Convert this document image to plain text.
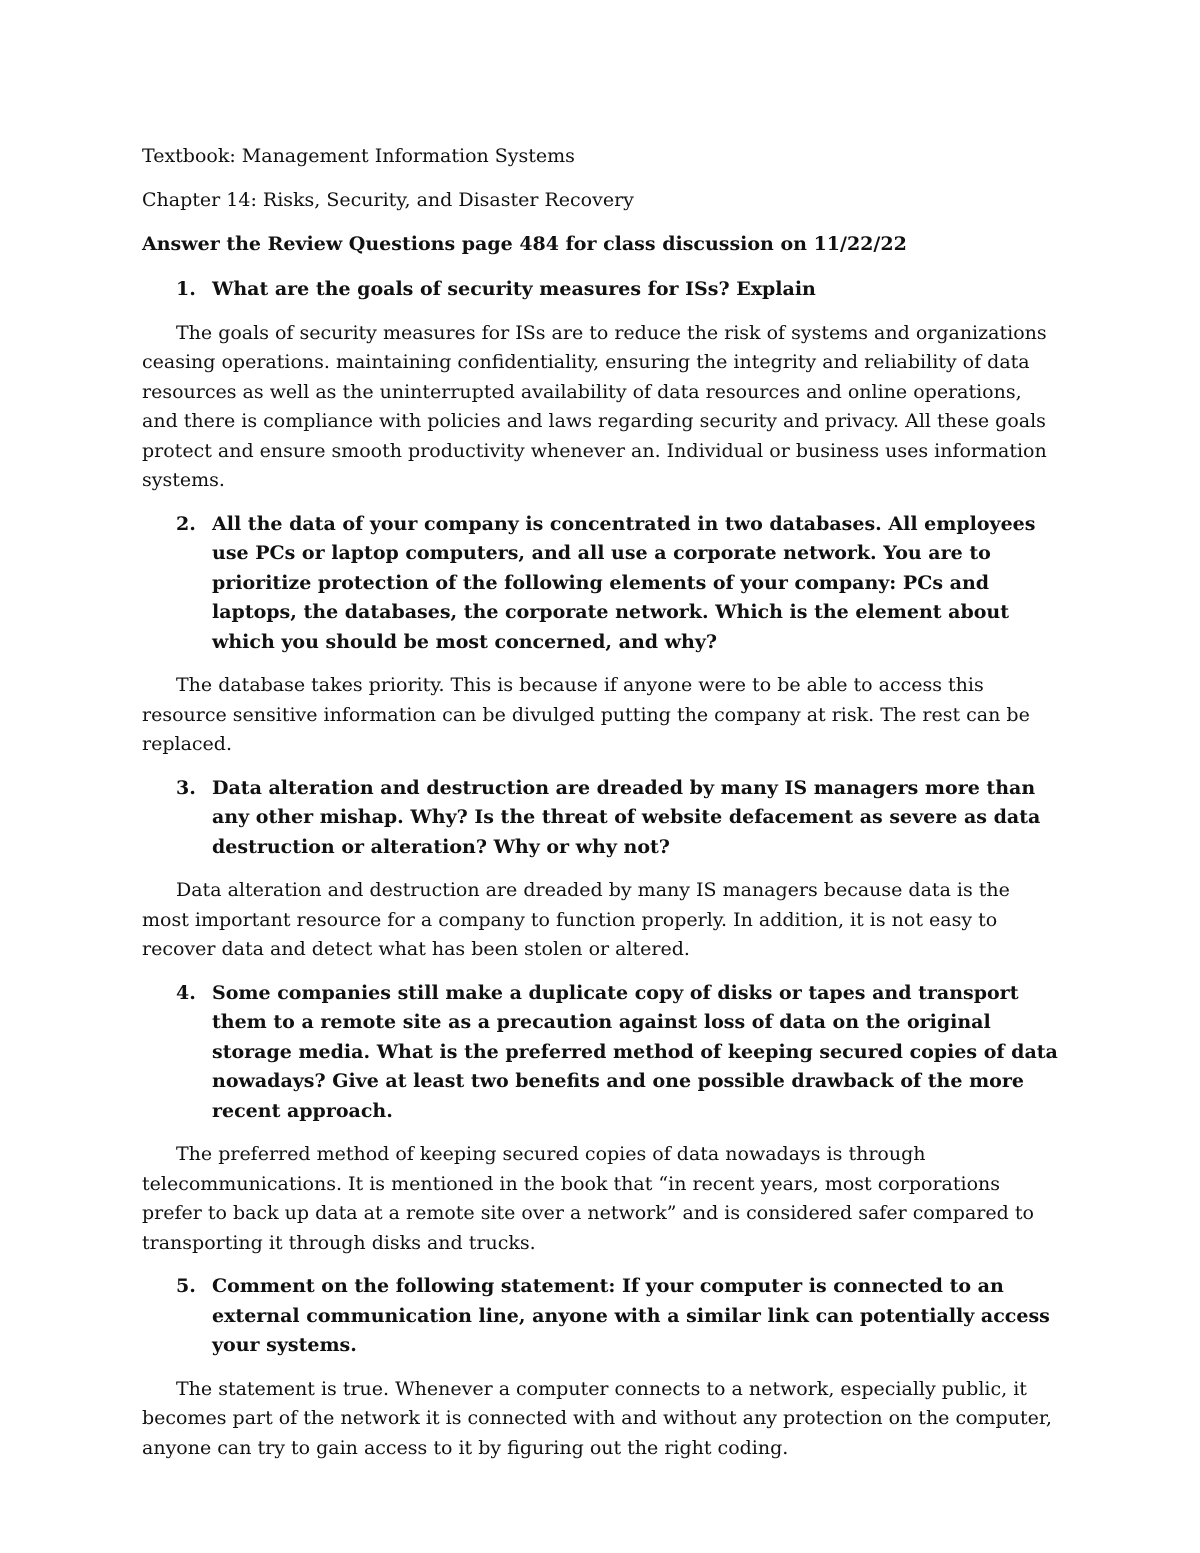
Textbook: Management Information Systems

Chapter 14: Risks, Security, and Disaster Recovery

Answer the Review Questions page 484 for class discussion on 11/22/22

1. What are the goals of security measures for ISs? Explain

The goals of security measures for ISs are to reduce the risk of systems and organizations ceasing operations. maintaining confidentiality, ensuring the integrity and reliability of data resources as well as the uninterrupted availability of data resources and online operations, and there is compliance with policies and laws regarding security and privacy. All these goals protect and ensure smooth productivity whenever an. Individual or business uses information systems.

2. All the data of your company is concentrated in two databases. All employees use PCs or laptop computers, and all use a corporate network. You are to prioritize protection of the following elements of your company: PCs and laptops, the databases, the corporate network. Which is the element about which you should be most concerned, and why?

The database takes priority. This is because if anyone were to be able to access this resource sensitive information can be divulged putting the company at risk. The rest can be replaced.

3. Data alteration and destruction are dreaded by many IS managers more than any other mishap. Why? Is the threat of website defacement as severe as data destruction or alteration? Why or why not?

Data alteration and destruction are dreaded by many IS managers because data is the most important resource for a company to function properly. In addition, it is not easy to recover data and detect what has been stolen or altered.

4. Some companies still make a duplicate copy of disks or tapes and transport them to a remote site as a precaution against loss of data on the original storage media. What is the preferred method of keeping secured copies of data nowadays? Give at least two benefits and one possible drawback of the more recent approach.

The preferred method of keeping secured copies of data nowadays is through telecommunications. It is mentioned in the book that “in recent years, most corporations prefer to back up data at a remote site over a network” and is considered safer compared to transporting it through disks and trucks.

5. Comment on the following statement: If your computer is connected to an external communication line, anyone with a similar link can potentially access your systems.

The statement is true. Whenever a computer connects to a network, especially public, it becomes part of the network it is connected with and without any protection on the computer, anyone can try to gain access to it by figuring out the right coding.
